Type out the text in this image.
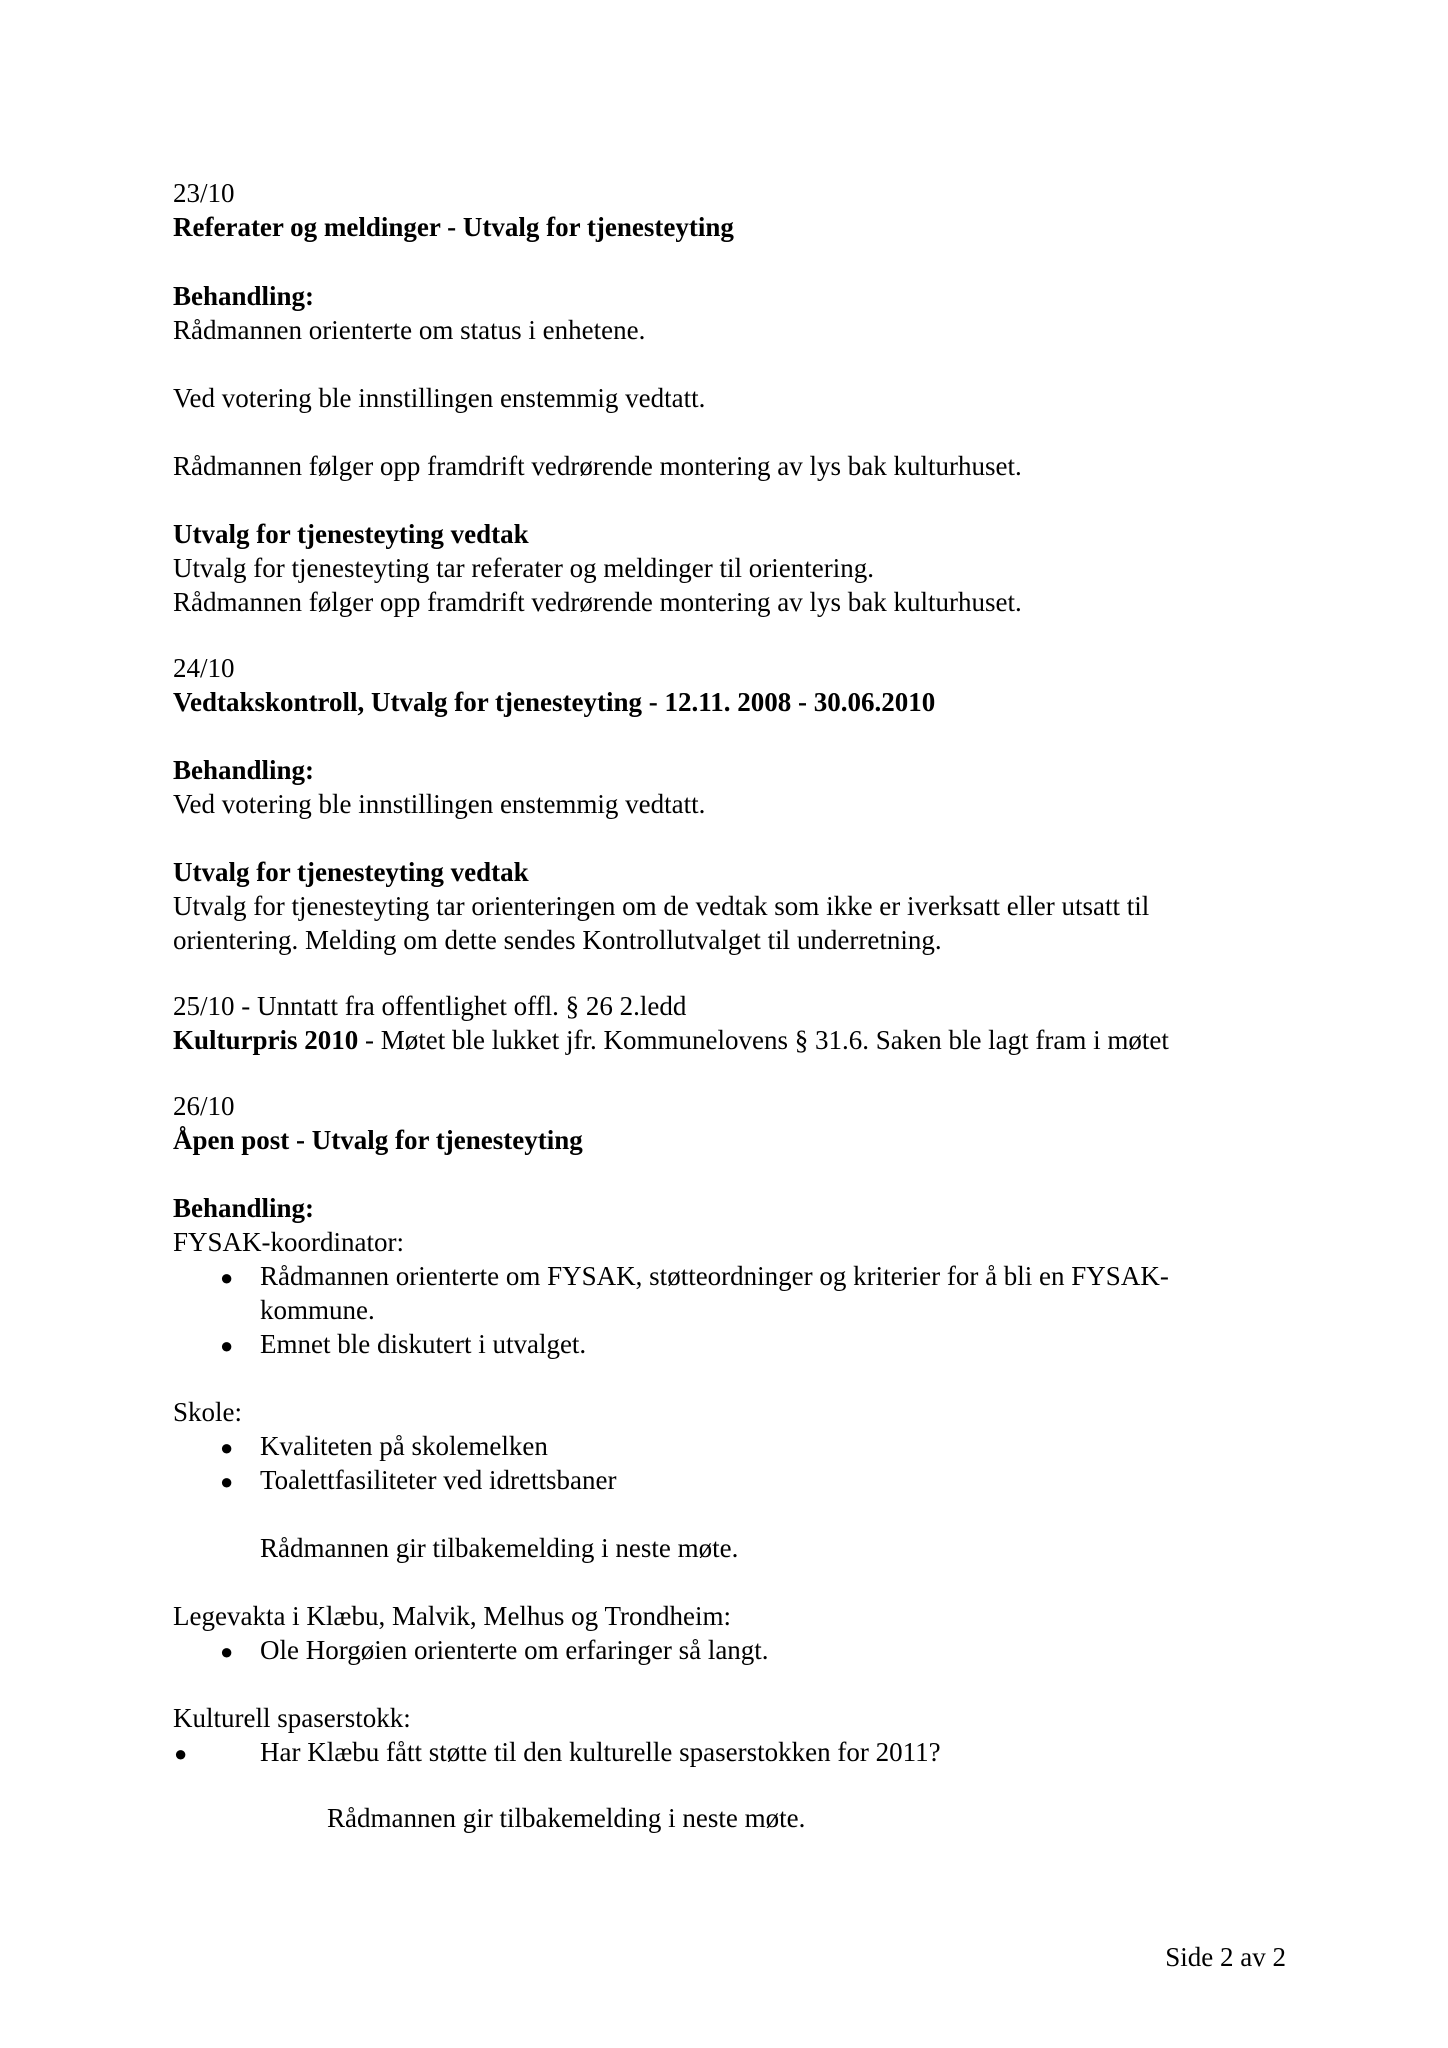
23/10
Referater og meldinger - Utvalg for tjenesteyting
Behandling:
Rådmannen orienterte om status i enhetene.
Ved votering ble innstillingen enstemmig vedtatt.
Rådmannen følger opp framdrift vedrørende montering av lys bak kulturhuset.
Utvalg for tjenesteyting vedtak
Utvalg for tjenesteyting tar referater og meldinger til orientering.
Rådmannen følger opp framdrift vedrørende montering av lys bak kulturhuset.
24/10
Vedtakskontroll, Utvalg for tjenesteyting - 12.11. 2008 - 30.06.2010
Behandling:
Ved votering ble innstillingen enstemmig vedtatt.
Utvalg for tjenesteyting vedtak
Utvalg for tjenesteyting tar orienteringen om de vedtak som ikke er iverksatt eller utsatt til
orientering. Melding om dette sendes Kontrollutvalget til underretning.
25/10 - Unntatt fra offentlighet offl. § 26 2.ledd
Kulturpris 2010 - Møtet ble lukket jfr. Kommunelovens § 31.6. Saken ble lagt fram i møtet
26/10
Åpen post - Utvalg for tjenesteyting
Behandling:
FYSAK-koordinator:
● Rådmannen orienterte om FYSAK, støtteordninger og kriterier for å bli en FYSAK-
kommune.
● Emnet ble diskutert i utvalget.
Skole:
● Kvaliteten på skolemelken
● Toalettfasiliteter ved idrettsbaner
Rådmannen gir tilbakemelding i neste møte.
Legevakta i Klæbu, Malvik, Melhus og Trondheim:
● Ole Horgøien orienterte om erfaringer så langt.
Kulturell spaserstokk:
●	Har Klæbu fått støtte til den kulturelle spaserstokken for 2011?
Rådmannen gir tilbakemelding i neste møte.
Side 2 av 2
